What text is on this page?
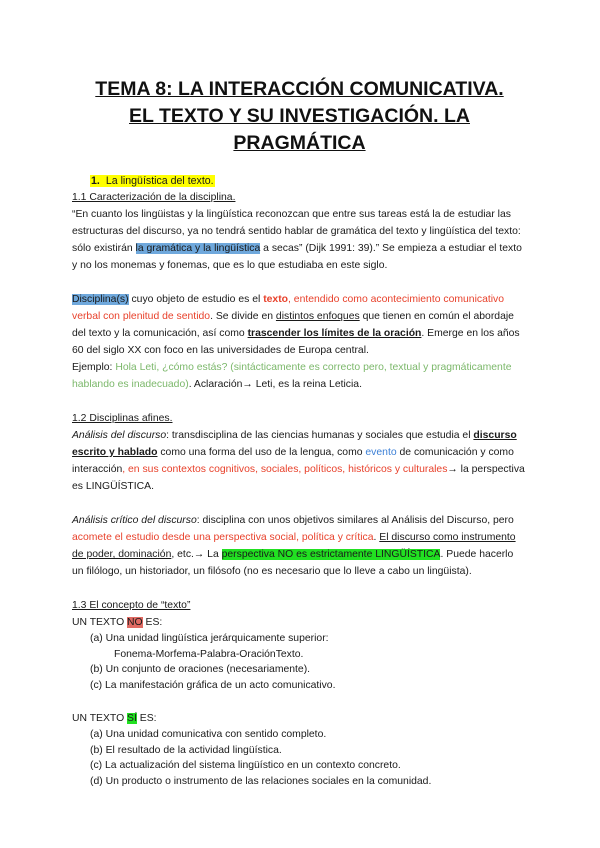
TEMA 8: LA INTERACCIÓN COMUNICATIVA.
EL TEXTO Y SU INVESTIGACIÓN. LA
PRAGMÁTICA

1. La lingüística del texto.

1.1 Caracterización de la disciplina.

“En cuanto los lingüistas y la lingüística reconozcan que entre sus tareas está la de estudiar las estructuras del discurso, ya no tendrá sentido hablar de gramática del texto y lingüística del texto: sólo existirán la gramática y la lingüística a secas” (Dijk 1991: 39).” Se empieza a estudiar el texto y no los monemas y fonemas, que es lo que estudiaba en este siglo.

Disciplina(s) cuyo objeto de estudio es el texto, entendido como acontecimiento comunicativo verbal con plenitud de sentido. Se divide en distintos enfoques que tienen en común el abordaje del texto y la comunicación, así como trascender los límites de la oración. Emerge en los años 60 del siglo XX con foco en las universidades de Europa central.

Ejemplo: Hola Leti, ¿cómo estás? (sintácticamente es correcto pero, textual y pragmáticamente hablando es inadecuado). Aclaración→ Leti, es la reina Leticia.

1.2 Disciplinas afines.

Análisis del discurso: transdisciplina de las ciencias humanas y sociales que estudia el discurso escrito y hablado como una forma del uso de la lengua, como evento de comunicación y como interacción, en sus contextos cognitivos, sociales, políticos, históricos y culturales→ la perspectiva es LINGÜÍSTICA.

Análisis crítico del discurso: disciplina con unos objetivos similares al Análisis del Discurso, pero acomete el estudio desde una perspectiva social, política y crítica. El discurso como instrumento de poder, dominación, etc.→ La perspectiva NO es estrictamente LINGÜÍSTICA. Puede hacerlo un filólogo, un historiador, un filósofo (no es necesario que lo lleve a cabo un lingüista).

1.3 El concepto de “texto”

UN TEXTO NO ES:

(a) Una unidad lingüística jerárquicamente superior:
Fonema-Morfema-Palabra-OraciónTexto.
(b) Un conjunto de oraciones (necesariamente).
(c) La manifestación gráfica de un acto comunicativo.

UN TEXTO SÍ ES:

(a) Una unidad comunicativa con sentido completo.
(b) El resultado de la actividad lingüística.
(c) La actualización del sistema lingüístico en un contexto concreto.
(d) Un producto o instrumento de las relaciones sociales en la comunidad.
